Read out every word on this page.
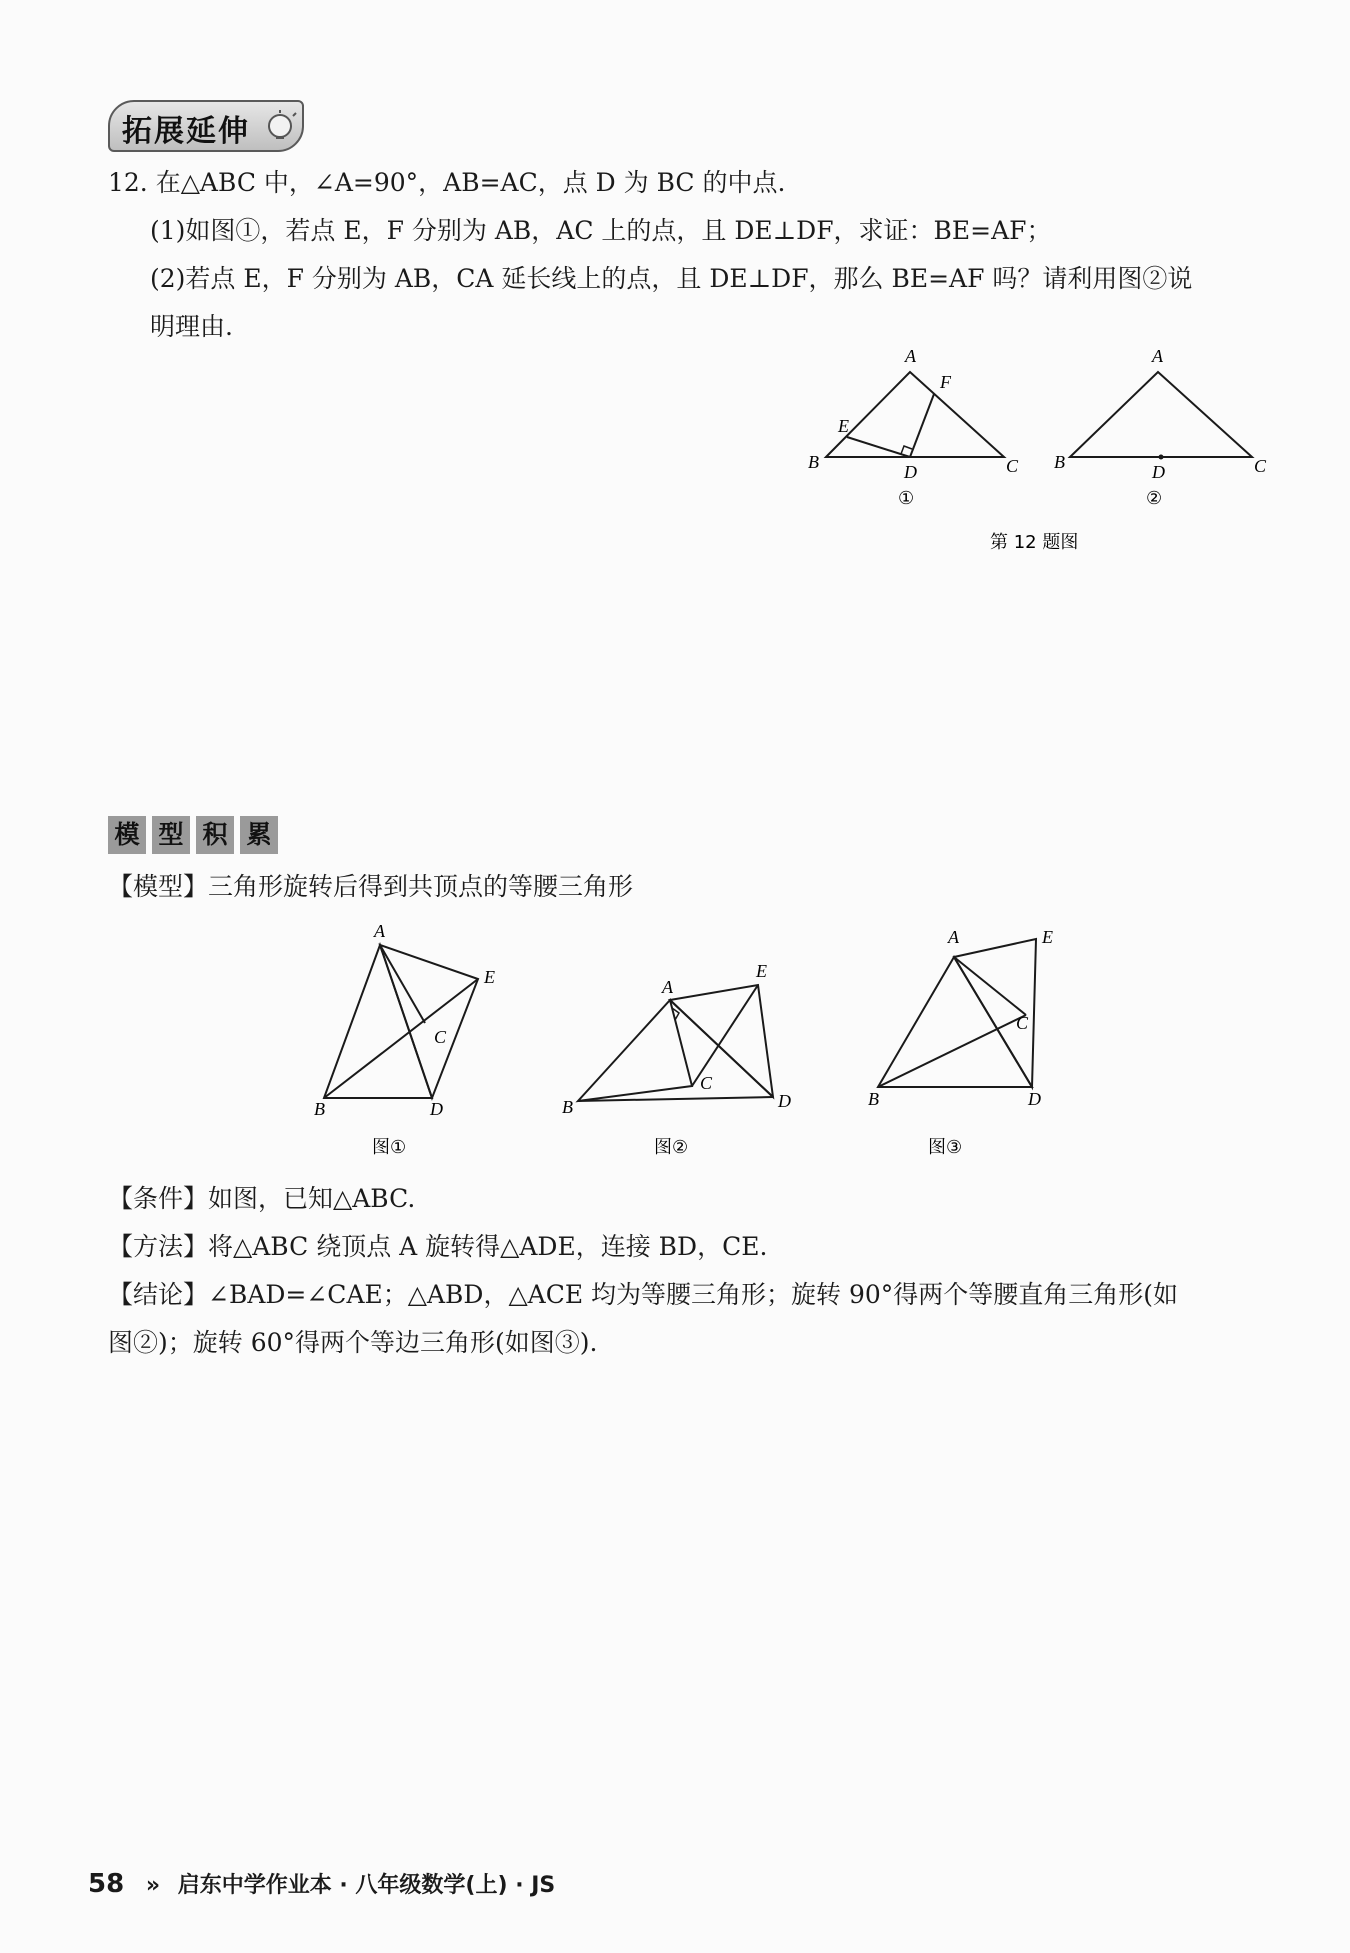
拓展延伸
12. 在△ABC 中，∠A=90°，AB=AC，点 D 为 BC 的中点.
(1)如图①，若点 E，F 分别为 AB，AC 上的点，且 DE⊥DF，求证：BE=AF；
(2)若点 E，F 分别为 AB，CA 延长线上的点，且 DE⊥DF，那么 BE=AF 吗？请利用图②说
明理由.
A
B	C
D
E
F
①
A
B	C
D
②
第 12 题图
模 型 积 累
【模型】三角形旋转后得到共顶点的等腰三角形
A
B
C
D
E
图①
A
B
C
D
E
图②
A
B
C
D
E
图③
【条件】如图，已知△ABC.
【方法】将△ABC 绕顶点 A 旋转得△ADE，连接 BD，CE.
【结论】∠BAD=∠CAE；△ABD，△ACE 均为等腰三角形；旋转 90°得两个等腰直角三角形(如
图②)；旋转 60°得两个等边三角形(如图③).
58 » 启东中学作业本 · 八年级数学(上) · JS
